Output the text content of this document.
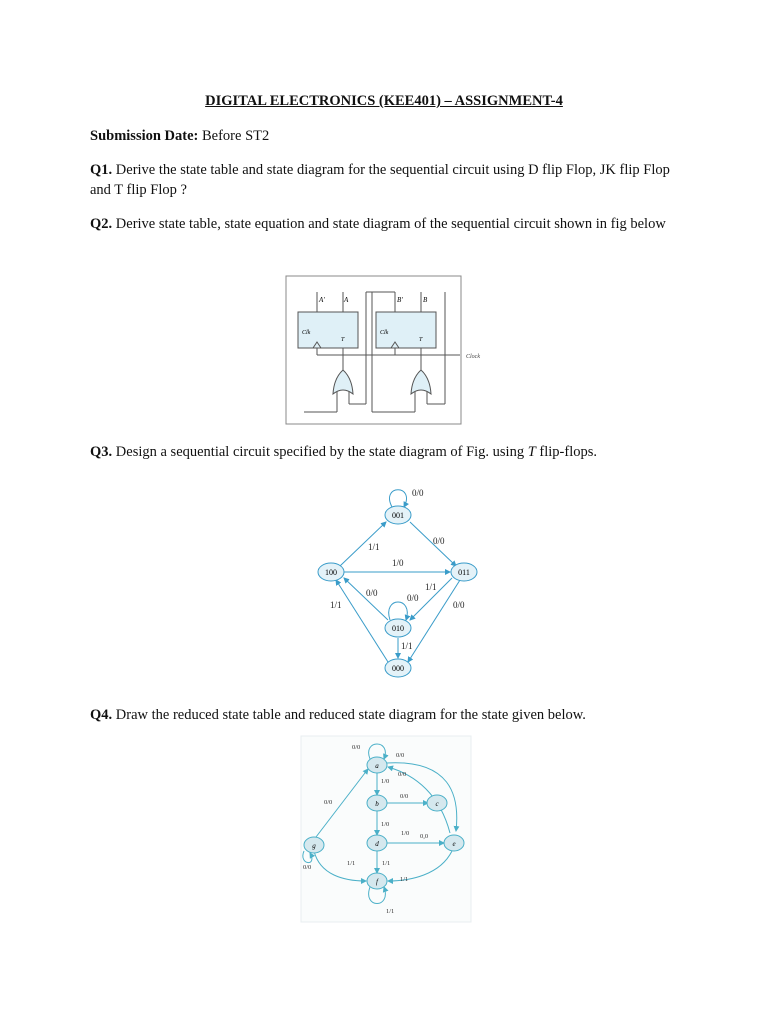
DIGITAL ELECTRONICS (KEE401) – ASSIGNMENT-4
Submission Date: Before ST2
Q1. Derive the state table and state diagram for the sequential circuit using D flip Flop, JK flip Flop and T flip Flop ?
Q2. Derive state table, state equation and state diagram of the sequential circuit shown in fig below
A'	A
Clk
T
B'	B
Clk
T
Clock
Q3. Design a sequential circuit specified by the state diagram of Fig. using T flip-flops.
001
100	011
010
000
0/0
1/1
0/0
1/0
1/1
0/0	0/0
1/1	0/0
1/1
Q4. Draw the reduced state table and reduced state diagram for the state given below.
a
b	c
d	e
f
g
0/0
0/0
0/0
1/0
0/0
0/0
1/0
1/0 0,0
1/1	1/1
0/0
1/1
1/1
